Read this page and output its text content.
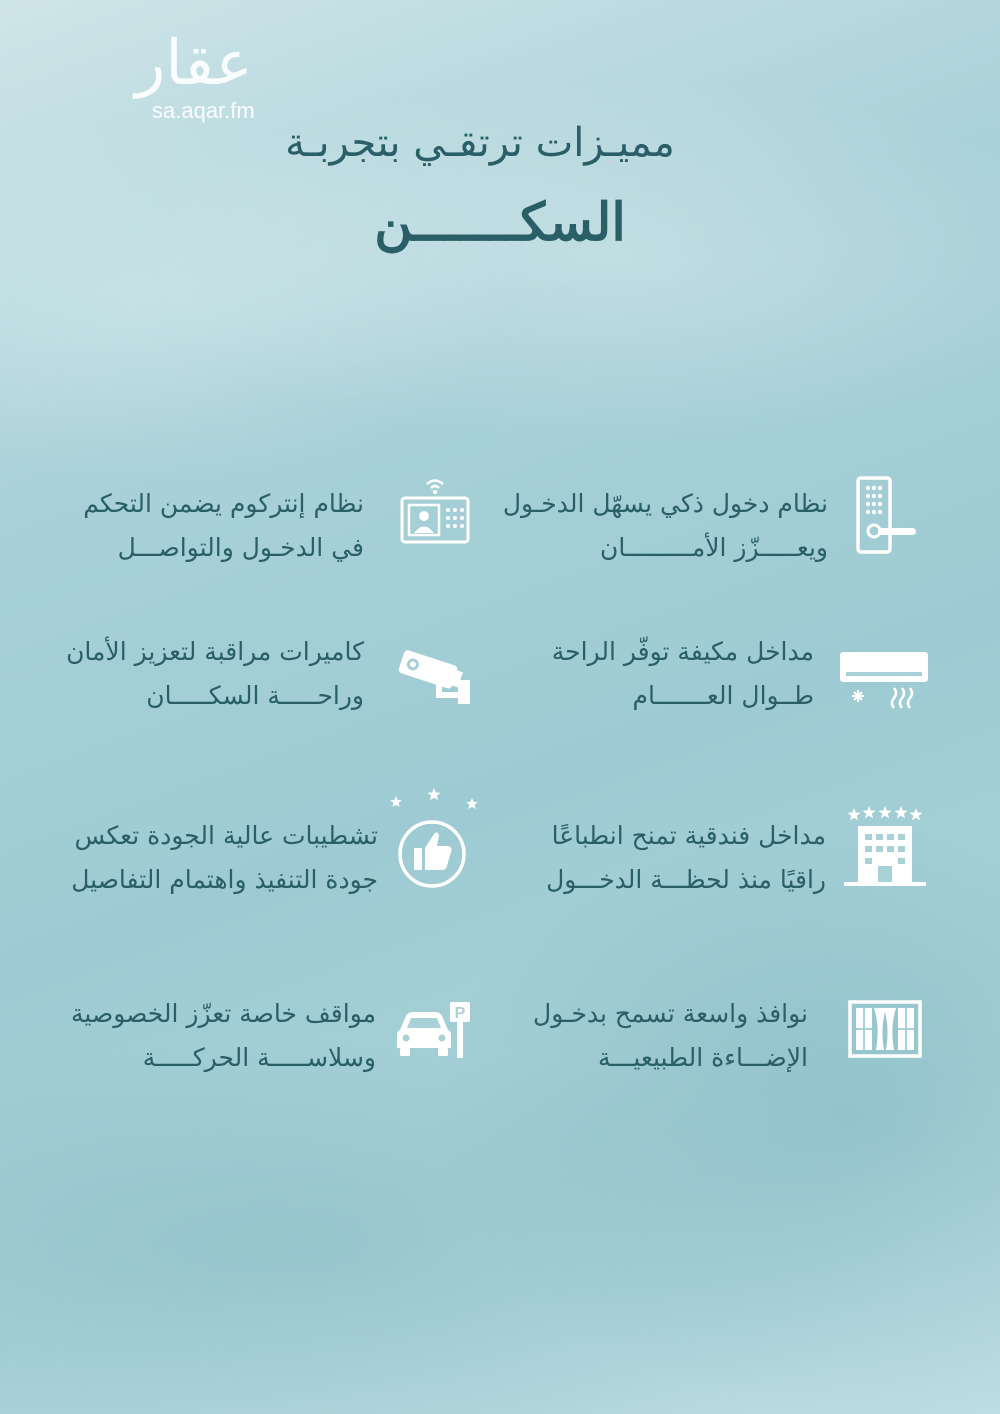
عقار
sa.aqar.fm
مميـزات ترتقـي بتجربـة
السكـــــــن
نظام دخول ذكي يسهّل الدخـول
ويعـــــزّز الأمـــــــــان
نظام إنتركوم يضمن التحكم
في الدخـول والتواصـــل
مداخل مكيفة توفّر الراحة
طــوال العـــــــام
كاميرات مراقبة لتعزيز الأمان
وراحـــــة السكـــــان
مداخل فندقية تمنح انطباعًا
راقيًا منذ لحظـــة الدخـــول
تشطيبات عالية الجودة تعكس
جودة التنفيذ واهتمام التفاصيل
نوافذ واسعة تسمح بدخـول
الإضـــاءة الطبيعيـــة
P
مواقف خاصة تعزّز الخصوصية
وسلاســـــة الحركـــــة
